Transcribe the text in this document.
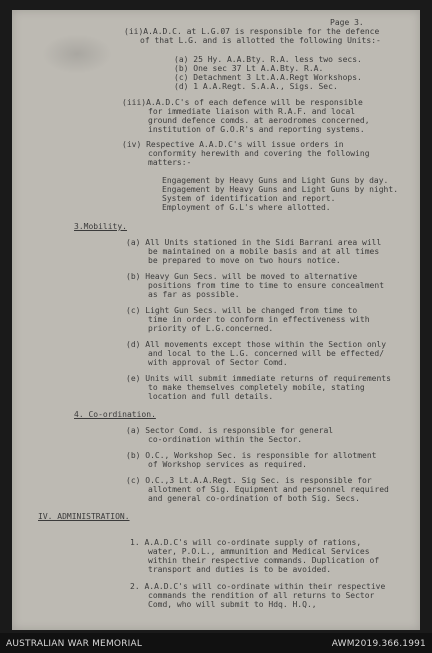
Page 3.
(ii)A.A.D.C. at L.G.07 is responsible for the defence
of that L.G. and is allotted the following Units:-
(a) 25 Hy. A.A.Bty. R.A. less two secs.
(b) One sec 37 Lt A.A.Bty. R.A.
(c) Detachment 3 Lt.A.A.Regt Workshops.
(d) 1 A.A.Regt. S.A.A., Sigs. Sec.
(iii)A.A.D.C's of each defence will be responsible
for immediate liaison with R.A.F. and local
ground defence comds. at aerodromes concerned,
institution of G.O.R's and reporting systems.
(iv) Respective A.A.D.C's will issue orders in
conformity herewith and covering the following
matters:-
Engagement by Heavy Guns and Light Guns by day.
Engagement by Heavy Guns and Light Guns by night.
System of identification and report.
Employment of G.L's where allotted.
3.Mobility.
(a) All Units stationed in the Sidi Barrani area will
be maintained on a mobile basis and at all times
be prepared to move on two hours notice.
(b) Heavy Gun Secs. will be moved to alternative
positions from time to time to ensure concealment
as far as possible.
(c) Light Gun Secs. will be changed from time to
time in order to conform in effectiveness with
priority of L.G.concerned.
(d) All movements except those within the Section only
and local to the L.G. concerned will be effected/
with approval of Sector Comd.
(e) Units will submit immediate returns of requirements
to make themselves completely mobile, stating
location and full details.
4. Co-ordination.
(a) Sector Comd. is responsible for general
co-ordination within the Sector.
(b) O.C., Workshop Sec. is responsible for allotment
of Workshop services as required.
(c) O.C.,3 Lt.A.A.Regt. Sig Sec. is responsible for
allotment of Sig. Equipment and personnel required
and general co-ordination of both Sig. Secs.
IV. ADMINISTRATION.
1. A.A.D.C's will co-ordinate supply of rations,
water, P.O.L., ammunition and Medical Services
within their respective commands. Duplication of
transport and duties is to be avoided.
2. A.A.D.C's will co-ordinate within their respective
commands the rendition of all returns to Sector
Comd, who will submit to Hdq. H.Q.,
AUSTRALIAN WAR MEMORIAL	AWM2019.366.1991
